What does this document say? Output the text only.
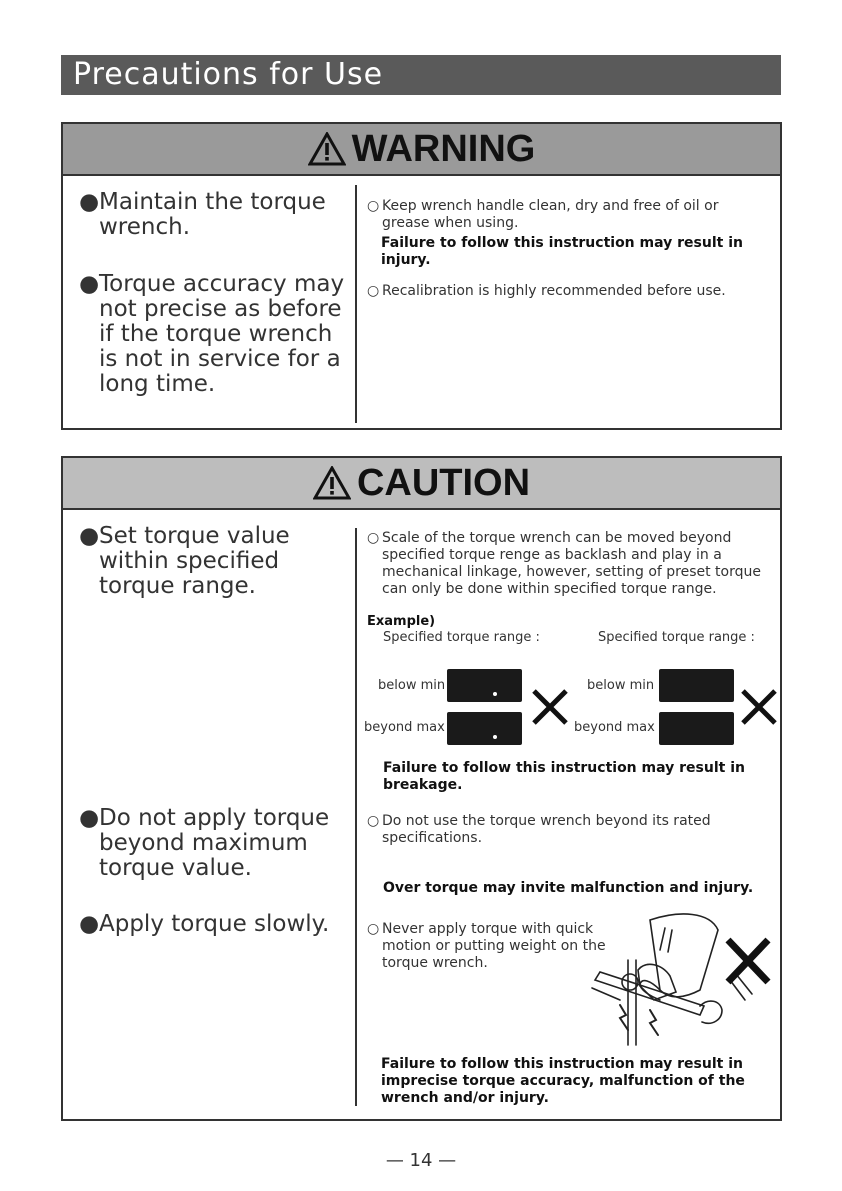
Precautions for Use
WARNING
● Maintain the torque wrench.
● Torque accuracy may not precise as before if the torque wrench is not in service for a long time.
○ Keep wrench handle clean, dry and free of oil or grease when using.
Failure to follow this instruction may result in injury.
○ Recalibration is highly recommended before use.
CAUTION
● Set torque value within specified torque range.
● Do not apply torque beyond maximum torque value.
● Apply torque slowly.
○ Scale of the torque wrench can be moved beyond specified torque renge as backlash and play in a mechanical linkage, however, setting of preset torque can only be done within specified torque range.
Example)
Specified torque range :	Specified torque range :
below min
beyond max
below min
beyond max
Failure to follow this instruction may result in breakage.
○ Do not use the torque wrench beyond its rated specifications.
Over torque may invite malfunction and injury.
○ Never apply torque with quick motion or putting weight on the torque wrench.
Failure to follow this instruction may result in imprecise torque accuracy, malfunction of the wrench and/or injury.
— 14 —
